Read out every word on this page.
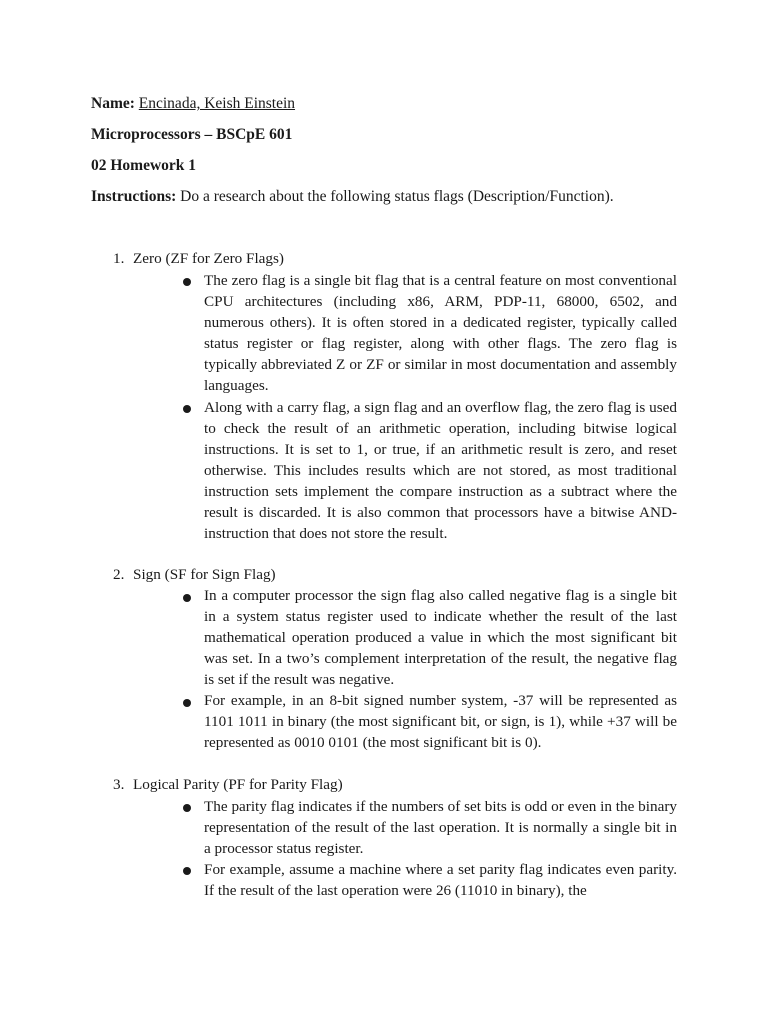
Name: Encinada, Keish Einstein
Microprocessors – BSCpE 601
02 Homework 1
Instructions: Do a research about the following status flags (Description/Function).
1. Zero (ZF for Zero Flags)
The zero flag is a single bit flag that is a central feature on most conventional CPU architectures (including x86, ARM, PDP-11, 68000, 6502, and numerous others). It is often stored in a dedicated register, typically called status register or flag register, along with other flags. The zero flag is typically abbreviated Z or ZF or similar in most documentation and assembly languages.
Along with a carry flag, a sign flag and an overflow flag, the zero flag is used to check the result of an arithmetic operation, including bitwise logical instructions. It is set to 1, or true, if an arithmetic result is zero, and reset otherwise. This includes results which are not stored, as most traditional instruction sets implement the compare instruction as a subtract where the result is discarded. It is also common that processors have a bitwise AND-instruction that does not store the result.
2. Sign (SF for Sign Flag)
In a computer processor the sign flag also called negative flag is a single bit in a system status register used to indicate whether the result of the last mathematical operation produced a value in which the most significant bit was set. In a two’s complement interpretation of the result, the negative flag is set if the result was negative.
For example, in an 8-bit signed number system, -37 will be represented as 1101 1011 in binary (the most significant bit, or sign, is 1), while +37 will be represented as 0010 0101 (the most significant bit is 0).
3. Logical Parity (PF for Parity Flag)
The parity flag indicates if the numbers of set bits is odd or even in the binary representation of the result of the last operation. It is normally a single bit in a processor status register.
For example, assume a machine where a set parity flag indicates even parity. If the result of the last operation were 26 (11010 in binary), the
